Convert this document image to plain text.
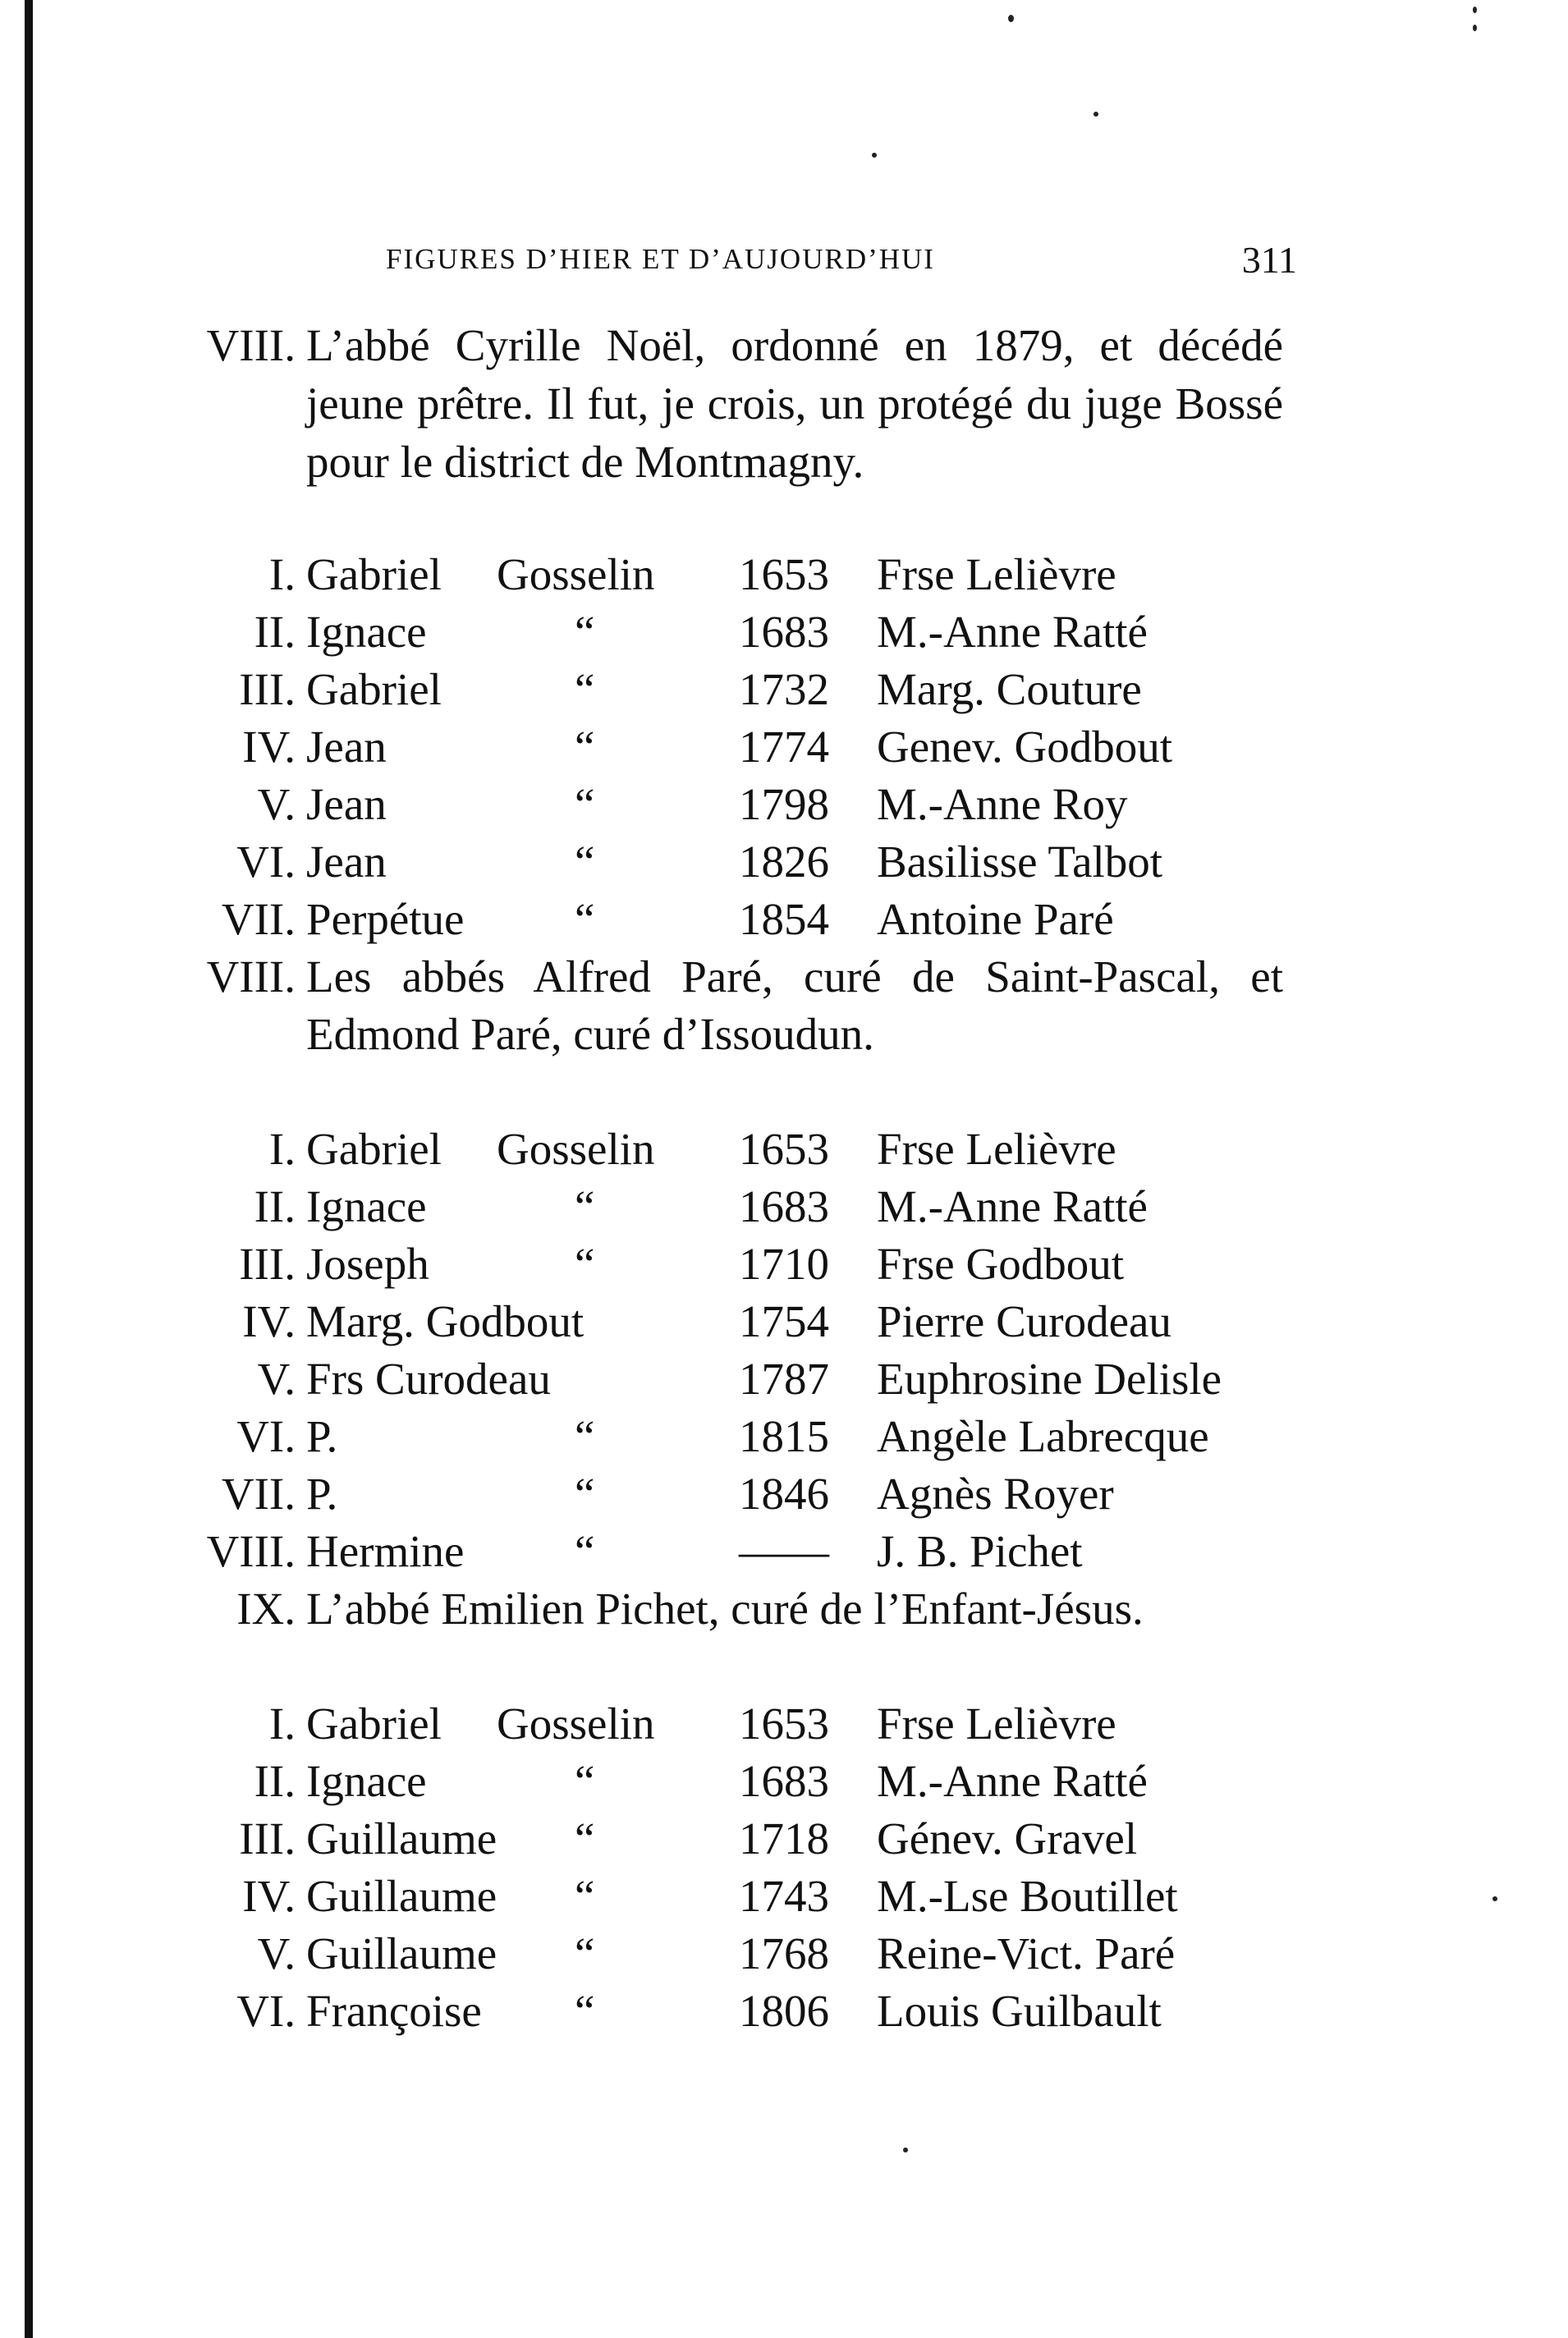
FIGURES D’HIER ET D’AUJOURD’HUI	311
VIII. L’abbé Cyrille Noël, ordonné en 1879, et décédé jeune prêtre. Il fut, je crois, un protégé du juge Bossé pour le district de Montmagny.
I. Gabriel Gosselin 1653 Frse Lelièvre
II. Ignace	“	1683 M.-Anne Ratté
III. Gabriel	“	1732 Marg. Couture
IV. Jean	“	1774 Genev. Godbout
V. Jean	“	1798 M.-Anne Roy
VI. Jean	“	1826 Basilisse Talbot
VII. Perpétue “	1854 Antoine Paré
VIII. Les abbés Alfred Paré, curé de Saint-Pascal, et Edmond Paré, curé d’Issoudun.
I. Gabriel Gosselin 1653 Frse Lelièvre
II. Ignace	“	1683 M.-Anne Ratté
III. Joseph	“	1710 Frse Godbout
IV. Marg. Godbout	1754 Pierre Curodeau
V. Frs Curodeau	1787 Euphrosine Delisle
VI. P.	“	1815 Angèle Labrecque
VII. P.	“	1846 Agnès Royer
VIII. Hermine “	—— J. B. Pichet
IX. L’abbé Emilien Pichet, curé de l’Enfant-Jésus.
I. Gabriel Gosselin 1653 Frse Lelièvre
II. Ignace	“	1683 M.-Anne Ratté
III. Guillaume “	1718 Génev. Gravel
IV. Guillaume “	1743 M.-Lse Boutillet
V. Guillaume “	1768 Reine-Vict. Paré
VI. Françoise “	1806 Louis Guilbault
